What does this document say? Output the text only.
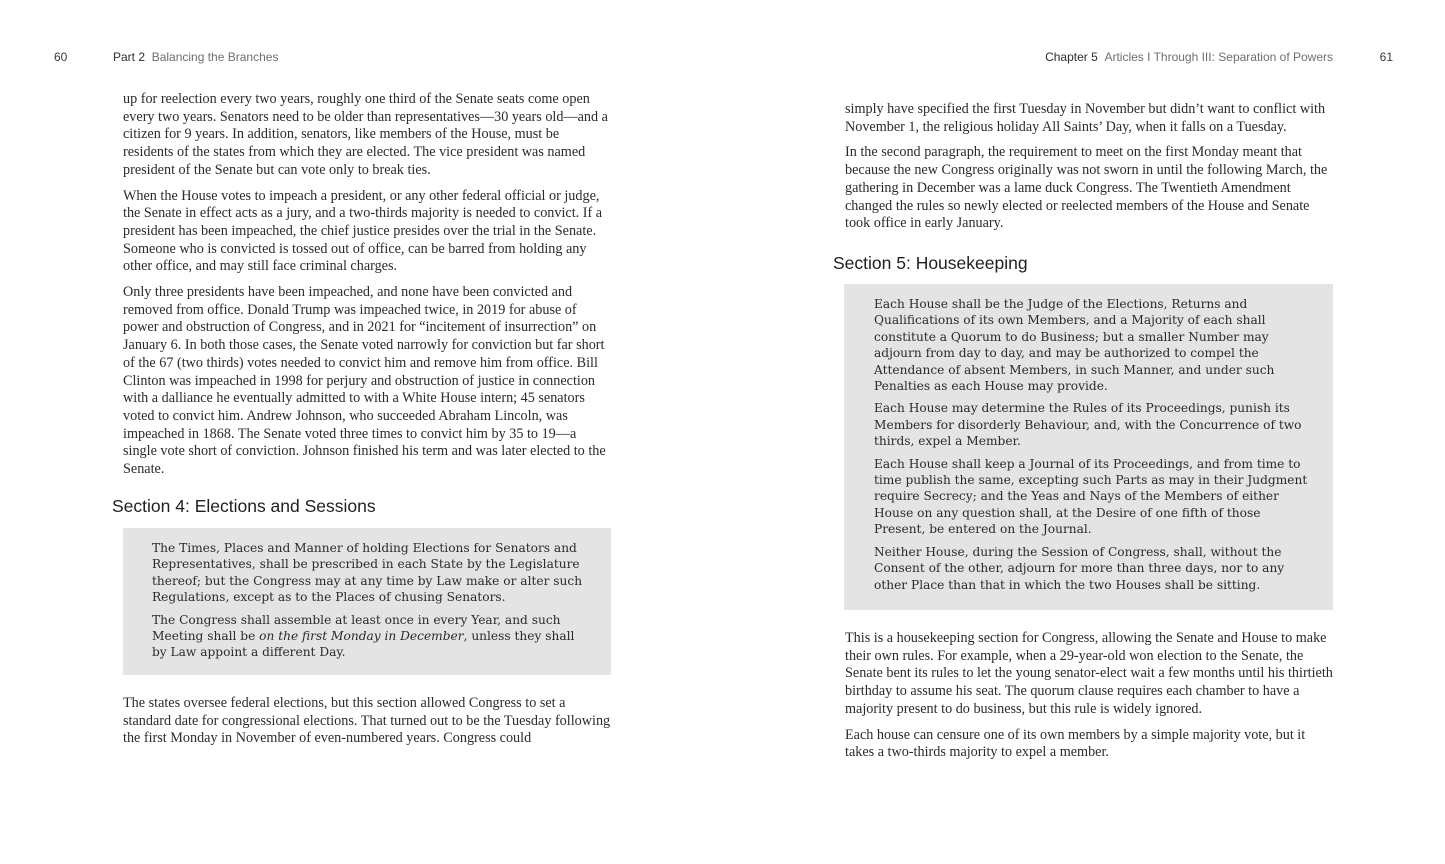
60	Part 2 Balancing the Branches

up for reelection every two years, roughly one third of the Senate seats come open every two years. Senators need to be older than representatives—30 years old—and a citizen for 9 years. In addition, senators, like members of the House, must be residents of the states from which they are elected. The vice president was named president of the Senate but can vote only to break ties.

When the House votes to impeach a president, or any other federal official or judge, the Senate in effect acts as a jury, and a two-thirds majority is needed to convict. If a president has been impeached, the chief justice presides over the trial in the Senate. Someone who is convicted is tossed out of office, can be barred from holding any other office, and may still face criminal charges.

Only three presidents have been impeached, and none have been convicted and removed from office. Donald Trump was impeached twice, in 2019 for abuse of power and obstruction of Congress, and in 2021 for “incitement of insurrection” on January 6. In both those cases, the Senate voted narrowly for conviction but far short of the 67 (two thirds) votes needed to convict him and remove him from office. Bill Clinton was impeached in 1998 for perjury and obstruction of justice in connection with a dalliance he eventually admitted to with a White House intern; 45 senators voted to convict him. Andrew Johnson, who succeeded Abraham Lincoln, was impeached in 1868. The Senate voted three times to convict him by 35 to 19—a single vote short of conviction. Johnson finished his term and was later elected to the Senate.

Section 4: Elections and Sessions

The Times, Places and Manner of holding Elections for Senators and Representatives, shall be prescribed in each State by the Legislature thereof; but the Congress may at any time by Law make or alter such Regulations, except as to the Places of chusing Senators.

The Congress shall assemble at least once in every Year, and such Meeting shall be on the first Monday in December, unless they shall by Law appoint a different Day.

The states oversee federal elections, but this section allowed Congress to set a standard date for congressional elections. That turned out to be the Tuesday following the first Monday in November of even-numbered years. Congress could

Chapter 5 Articles I Through III: Separation of Powers	61

simply have specified the first Tuesday in November but didn’t want to conflict with November 1, the religious holiday All Saints’ Day, when it falls on a Tuesday.

In the second paragraph, the requirement to meet on the first Monday meant that because the new Congress originally was not sworn in until the following March, the gathering in December was a lame duck Congress. The Twentieth Amendment changed the rules so newly elected or reelected members of the House and Senate took office in early January.

Section 5: Housekeeping

Each House shall be the Judge of the Elections, Returns and Qualifications of its own Members, and a Majority of each shall constitute a Quorum to do Business; but a smaller Number may adjourn from day to day, and may be authorized to compel the Attendance of absent Members, in such Manner, and under such Penalties as each House may provide.

Each House may determine the Rules of its Proceedings, punish its Members for disorderly Behaviour, and, with the Concurrence of two thirds, expel a Member.

Each House shall keep a Journal of its Proceedings, and from time to time publish the same, excepting such Parts as may in their Judgment require Secrecy; and the Yeas and Nays of the Members of either House on any question shall, at the Desire of one fifth of those Present, be entered on the Journal.

Neither House, during the Session of Congress, shall, without the Consent of the other, adjourn for more than three days, nor to any other Place than that in which the two Houses shall be sitting.

This is a housekeeping section for Congress, allowing the Senate and House to make their own rules. For example, when a 29-year-old won election to the Senate, the Senate bent its rules to let the young senator-elect wait a few months until his thirtieth birthday to assume his seat. The quorum clause requires each chamber to have a majority present to do business, but this rule is widely ignored.

Each house can censure one of its own members by a simple majority vote, but it takes a two-thirds majority to expel a member.
